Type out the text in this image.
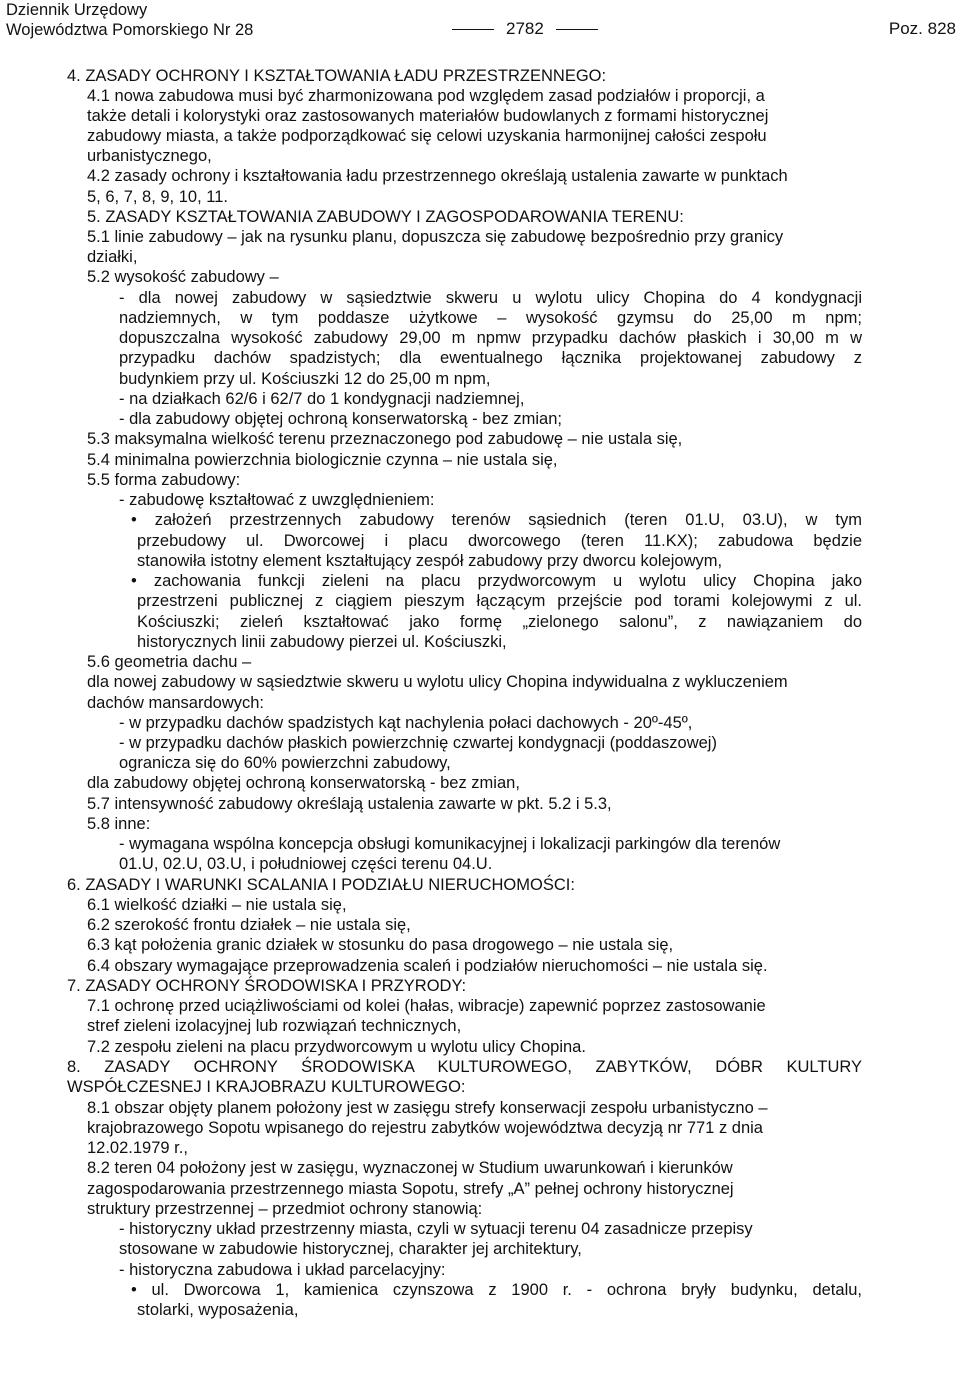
Dziennik Urzędowy
Województwa Pomorskiego Nr 28	2782	Poz. 828
4. ZASADY OCHRONY I KSZTAŁTOWANIA ŁADU PRZESTRZENNEGO:
4.1 nowa zabudowa musi być zharmonizowana pod względem zasad podziałów i proporcji, a
także detali i kolorystyki oraz zastosowanych materiałów budowlanych z formami historycznej
zabudowy miasta, a także podporządkować się celowi uzyskania harmonijnej całości zespołu
urbanistycznego,
4.2 zasady ochrony i kształtowania ładu przestrzennego określają ustalenia zawarte w punktach
5, 6, 7, 8, 9, 10, 11.
5. ZASADY KSZTAŁTOWANIA ZABUDOWY I ZAGOSPODAROWANIA TERENU:
5.1 linie zabudowy – jak na rysunku planu, dopuszcza się zabudowę bezpośrednio przy granicy
działki,
5.2 wysokość zabudowy –
- dla nowej zabudowy w sąsiedztwie skweru u wylotu ulicy Chopina do 4 kondygnacji
nadziemnych, w tym poddasze użytkowe – wysokość gzymsu do 25,00 m npm;
dopuszczalna wysokość zabudowy 29,00 m npmw przypadku dachów płaskich i 30,00 m w
przypadku dachów spadzistych; dla ewentualnego łącznika projektowanej zabudowy z
budynkiem przy ul. Kościuszki 12 do 25,00 m npm,
- na działkach 62/6 i 62/7 do 1 kondygnacji nadziemnej,
- dla zabudowy objętej ochroną konserwatorską - bez zmian;
5.3 maksymalna wielkość terenu przeznaczonego pod zabudowę – nie ustala się,
5.4 minimalna powierzchnia biologicznie czynna – nie ustala się,
5.5 forma zabudowy:
- zabudowę kształtować z uwzględnieniem:
• założeń przestrzennych zabudowy terenów sąsiednich (teren 01.U, 03.U), w tym
przebudowy ul. Dworcowej i placu dworcowego (teren 11.KX); zabudowa będzie
stanowiła istotny element kształtujący zespół zabudowy przy dworcu kolejowym,
• zachowania funkcji zieleni na placu przydworcowym u wylotu ulicy Chopina jako
przestrzeni publicznej z ciągiem pieszym łączącym przejście pod torami kolejowymi z ul.
Kościuszki; zieleń kształtować jako formę „zielonego salonu”, z nawiązaniem do
historycznych linii zabudowy pierzei ul. Kościuszki,
5.6 geometria dachu –
dla nowej zabudowy w sąsiedztwie skweru u wylotu ulicy Chopina indywidualna z wykluczeniem
dachów mansardowych:
- w przypadku dachów spadzistych kąt nachylenia połaci dachowych - 20º-45º,
- w przypadku dachów płaskich powierzchnię czwartej kondygnacji (poddaszowej)
ogranicza się do 60% powierzchni zabudowy,
dla zabudowy objętej ochroną konserwatorską - bez zmian,
5.7 intensywność zabudowy określają ustalenia zawarte w pkt. 5.2 i 5.3,
5.8 inne:
- wymagana wspólna koncepcja obsługi komunikacyjnej i lokalizacji parkingów dla terenów
01.U, 02.U, 03.U, i południowej części terenu 04.U.
6. ZASADY I WARUNKI SCALANIA I PODZIAŁU NIERUCHOMOŚCI:
6.1 wielkość działki – nie ustala się,
6.2 szerokość frontu działek – nie ustala się,
6.3 kąt położenia granic działek w stosunku do pasa drogowego – nie ustala się,
6.4 obszary wymagające przeprowadzenia scaleń i podziałów nieruchomości – nie ustala się.
7. ZASADY OCHRONY ŚRODOWISKA I PRZYRODY:
7.1 ochronę przed uciążliwościami od kolei (hałas, wibracje) zapewnić poprzez zastosowanie
stref zieleni izolacyjnej lub rozwiązań technicznych,
7.2 zespołu zieleni na placu przydworcowym u wylotu ulicy Chopina.
8. ZASADY OCHRONY ŚRODOWISKA KULTUROWEGO, ZABYTKÓW, DÓBR KULTURY
WSPÓŁCZESNEJ I KRAJOBRAZU KULTUROWEGO:
8.1 obszar objęty planem położony jest w zasięgu strefy konserwacji zespołu urbanistyczno –
krajobrazowego Sopotu wpisanego do rejestru zabytków województwa decyzją nr 771 z dnia
12.02.1979 r.,
8.2 teren 04 położony jest w zasięgu, wyznaczonej w Studium uwarunkowań i kierunków
zagospodarowania przestrzennego miasta Sopotu, strefy „A” pełnej ochrony historycznej
struktury przestrzennej – przedmiot ochrony stanowią:
- historyczny układ przestrzenny miasta, czyli w sytuacji terenu 04 zasadnicze przepisy
stosowane w zabudowie historycznej, charakter jej architektury,
- historyczna zabudowa i układ parcelacyjny:
• ul. Dworcowa 1, kamienica czynszowa z 1900 r. - ochrona bryły budynku, detalu,
stolarki, wyposażenia,
